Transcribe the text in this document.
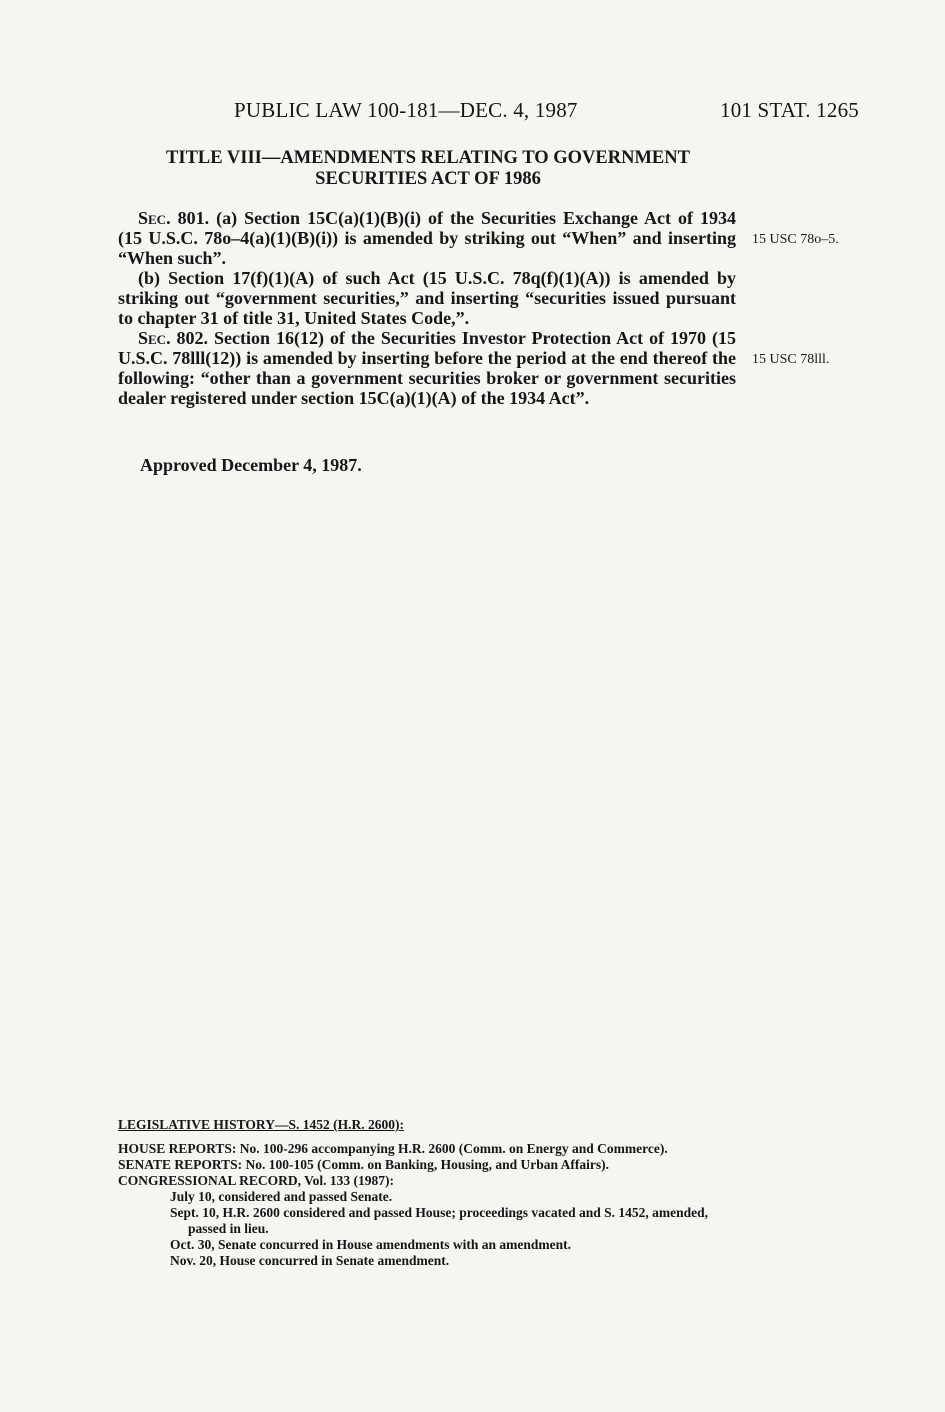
PUBLIC LAW 100-181—DEC. 4, 1987	101 STAT. 1265
TITLE VIII—AMENDMENTS RELATING TO GOVERNMENT
SECURITIES ACT OF 1986

Sec. 801. (a) Section 15C(a)(1)(B)(i) of the Securities Exchange Act of 1934 (15 U.S.C. 78o–4(a)(1)(B)(i)) is amended by striking out “When” and inserting “When such”.

(b) Section 17(f)(1)(A) of such Act (15 U.S.C. 78q(f)(1)(A)) is amended by striking out “government securities,” and inserting “securities issued pursuant to chapter 31 of title 31, United States Code,”.

Sec. 802. Section 16(12) of the Securities Investor Protection Act of 1970 (15 U.S.C. 78lll(12)) is amended by inserting before the period at the end thereof the following: “other than a government securities broker or government securities dealer registered under section 15C(a)(1)(A) of the 1934 Act”.

15 USC 78o–5.
15 USC 78lll.
Approved December 4, 1987.
LEGISLATIVE HISTORY—S. 1452 (H.R. 2600):

HOUSE REPORTS: No. 100-296 accompanying H.R. 2600 (Comm. on Energy and Commerce).

SENATE REPORTS: No. 100-105 (Comm. on Banking, Housing, and Urban Affairs).

CONGRESSIONAL RECORD, Vol. 133 (1987):

July 10, considered and passed Senate.

Sept. 10, H.R. 2600 considered and passed House; proceedings vacated and S. 1452, amended, passed in lieu.

Oct. 30, Senate concurred in House amendments with an amendment.

Nov. 20, House concurred in Senate amendment.
